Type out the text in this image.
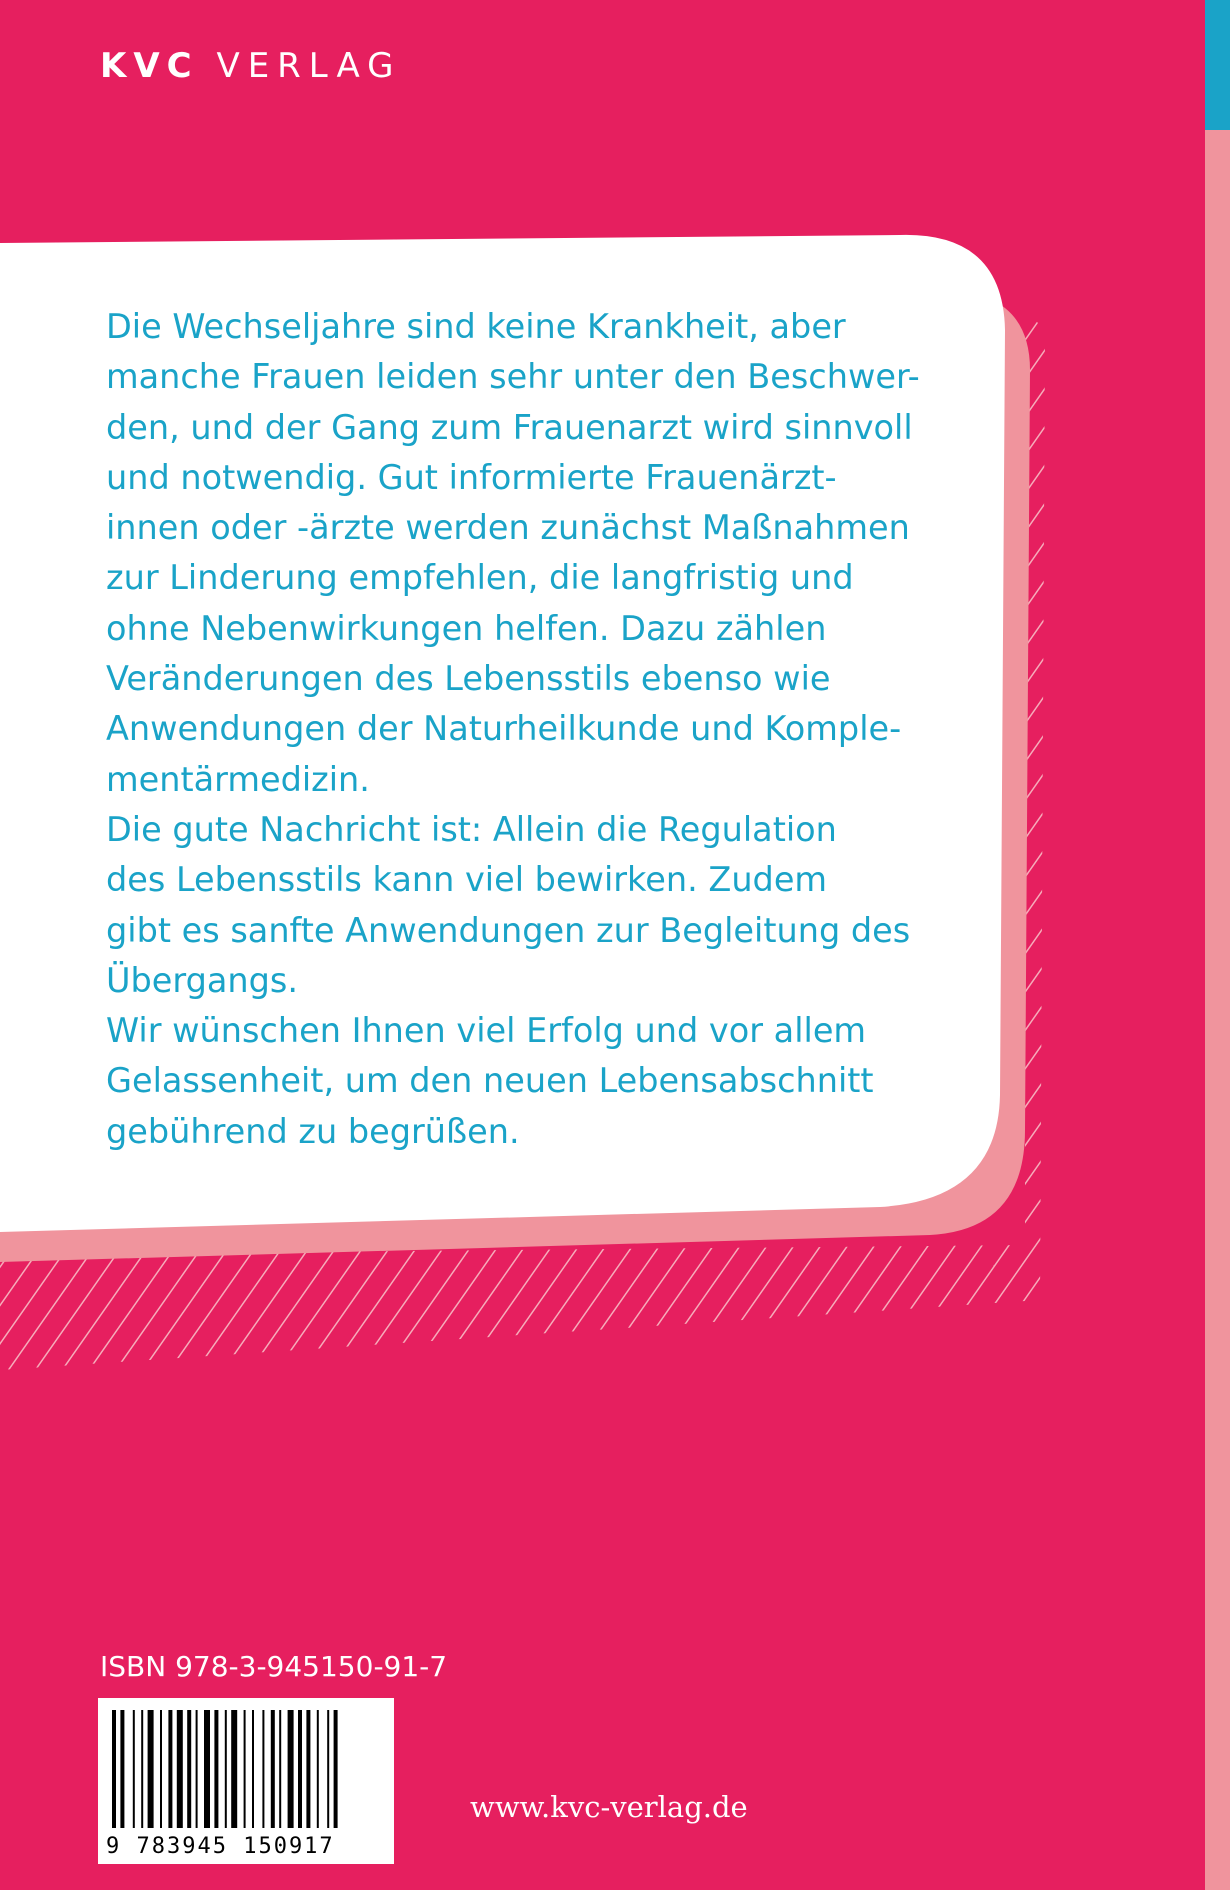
KVC VERLAG

Die Wechseljahre sind keine Krankheit, aber

manche Frauen leiden sehr unter den Beschwer-

den, und der Gang zum Frauenarzt wird sinnvoll

und notwendig. Gut informierte Frauenärzt-

innen oder -ärzte werden zunächst Maßnahmen

zur Linderung empfehlen, die langfristig und

ohne Nebenwirkungen helfen. Dazu zählen

Veränderungen des Lebensstils ebenso wie

Anwendungen der Naturheilkunde und Komple-

mentärmedizin.

Die gute Nachricht ist: Allein die Regulation

des Lebensstils kann viel bewirken. Zudem

gibt es sanfte Anwendungen zur Begleitung des

Übergangs.

Wir wünschen Ihnen viel Erfolg und vor allem

Gelassenheit, um den neuen Lebensabschnitt

gebührend zu begrüßen.

ISBN 978-3-945150-91-7
9 783945 150917
www.kvc-verlag.de
